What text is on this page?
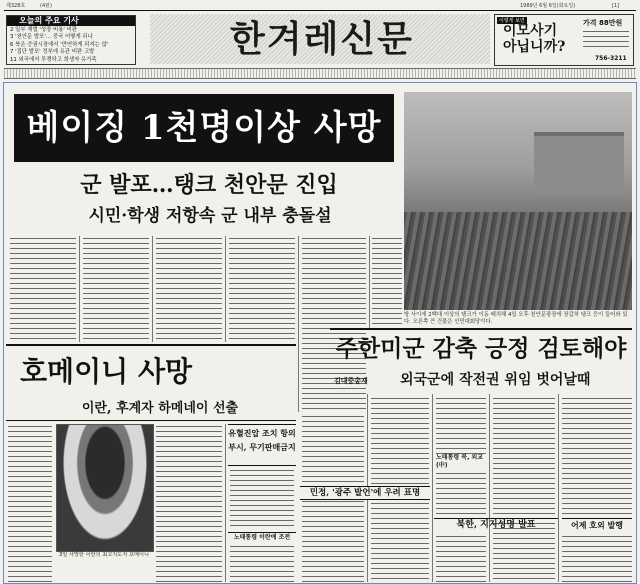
제328호	(4판)	1989년 6월 6일(화요일)	[1]
오늘의 주요 기사
2 일부 재벌 '성장 비용' 비판
3 '천안문 발포'… 중국 어떻게 되나
6 북은 증권시장에서 '만연하게 되지는 않'
7 '집단 발포' 정부에 유관 비판 고발
11 외국에서 투쟁하고 희생자 유가족	한겨레신문	이렇게 보면
이모사기
아닙니까?
가격 88만원
756-3211
베이징 1천명이상 사망
군 발포…탱크 천안문 진입
시민·학생 저항속 군 내부 충돌설
방 사이에 2백대 이상의 탱크가 이동 배치해 4일 오후 천안문광장에 장갑차 탱크 등이 들어와 있다. 오른쪽 큰 건물은 인민대회당이다.
주한미군 감축 긍정 검토해야
김대중총재 외국군에 작전권 위임 벗어날때
노태통령 북, 외교(中)
북한, 지지성명 발표	어제 호외 발행
호메이니 사망
이란, 후계자 하메네이 선출
3일 사망한 이란의 최고지도자 호메이니
유혈진압 조치 항의
부시, 무기판매금지
노태통령 이란에 조전
민정, '광주 발언'에 우려 표명
